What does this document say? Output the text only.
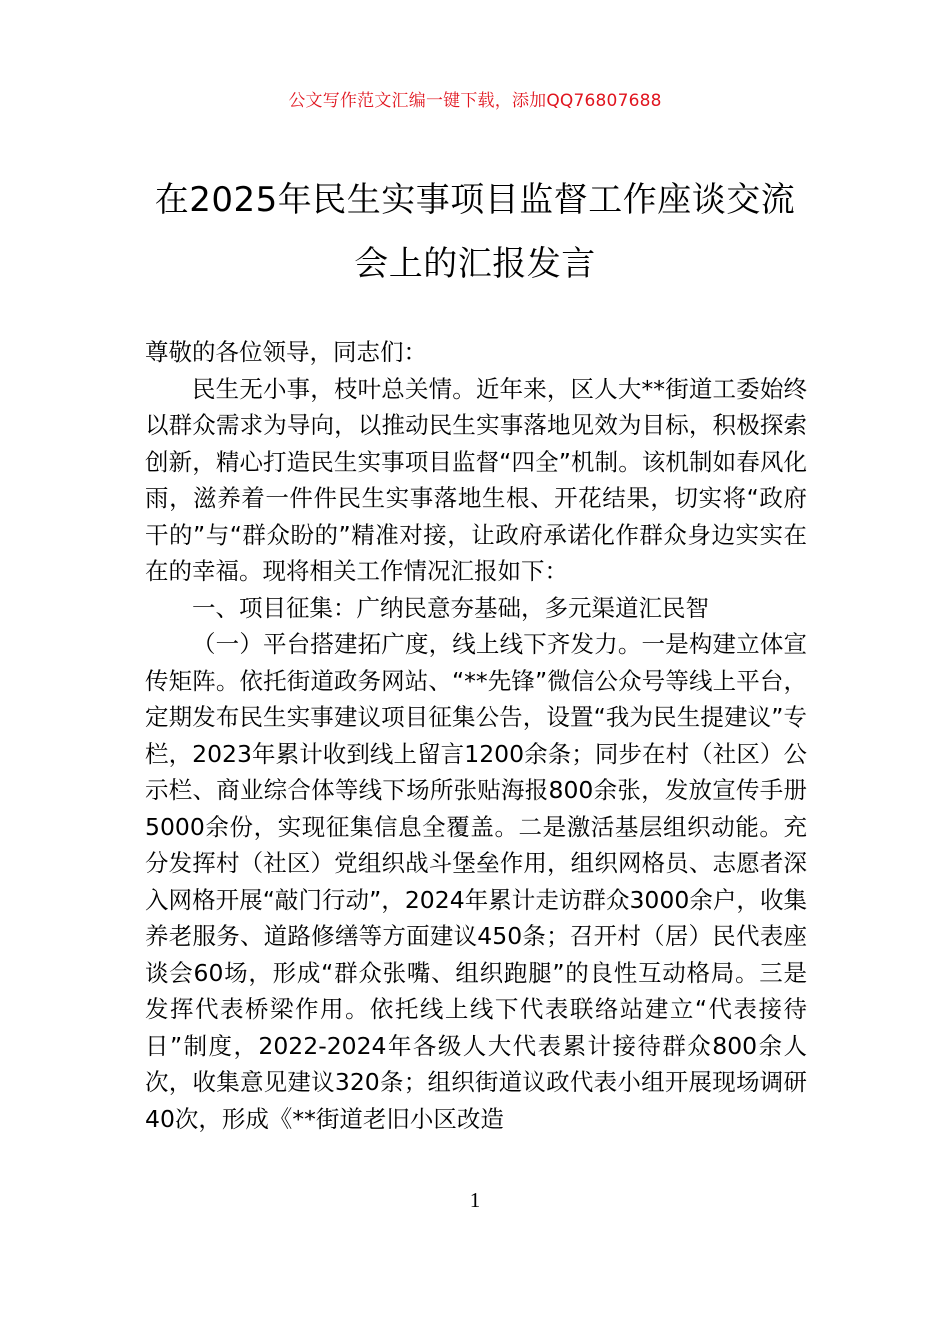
公文写作范文汇编一键下载，添加QQ76807688
在2025年民生实事项目监督工作座谈交流
会上的汇报发言

尊敬的各位领导，同志们：

民生无小事，枝叶总关情。近年来，区人大**街道工委始终以群众需求为导向，以推动民生实事落地见效为目标，积极探索创新，精心打造民生实事项目监督“四全”机制。该机制如春风化雨，滋养着一件件民生实事落地生根、开花结果，切实将“政府干的”与“群众盼的”精准对接，让政府承诺化作群众身边实实在在的幸福。现将相关工作情况汇报如下：

一、项目征集：广纳民意夯基础，多元渠道汇民智

（一）平台搭建拓广度，线上线下齐发力。一是构建立体宣传矩阵。依托街道政务网站、“**先锋”微信公众号等线上平台，定期发布民生实事建议项目征集公告，设置“我为民生提建议”专栏，2023年累计收到线上留言1200余条；同步在村（社区）公示栏、商业综合体等线下场所张贴海报800余张，发放宣传手册5000余份，实现征集信息全覆盖。二是激活基层组织动能。充分发挥村（社区）党组织战斗堡垒作用，组织网格员、志愿者深入网格开展“敲门行动”，2024年累计走访群众3000余户，收集养老服务、道路修缮等方面建议450条；召开村（居）民代表座谈会60场，形成“群众张嘴、组织跑腿”的良性互动格局。三是发挥代表桥梁作用。依托线上线下代表联络站建立“代表接待日”制度，2022-2024年各级人大代表累计接待群众800余人次，收集意见建议320条；组织街道议政代表小组开展现场调研40次，形成《**街道老旧小区改造

1
